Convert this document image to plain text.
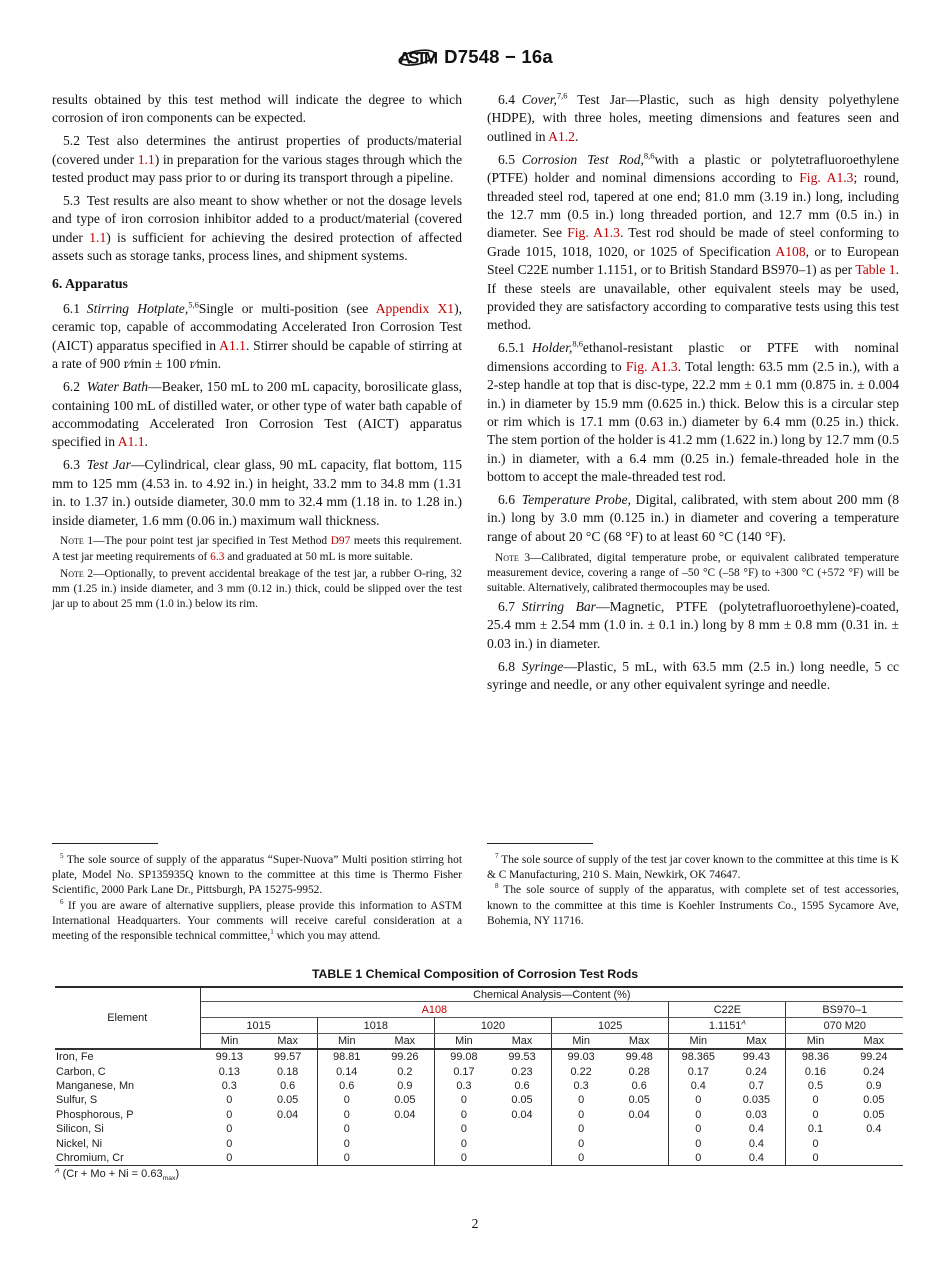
ASTM D7548 − 16a
results obtained by this test method will indicate the degree to which corrosion of iron components can be expected.
5.2 Test also determines the antirust properties of products/material (covered under 1.1) in preparation for the various stages through which the tested product may pass prior to or during its transport through a pipeline.
5.3 Test results are also meant to show whether or not the dosage levels and type of iron corrosion inhibitor added to a product/material (covered under 1.1) is sufficient for achieving the desired protection of affected assets such as storage tanks, process lines, and shipment systems.
6. Apparatus
6.1 Stirring Hotplate,$^{5,6}$Single or multi-position (see Appendix X1), ceramic top, capable of accommodating Accelerated Iron Corrosion Test (AICT) apparatus specified in A1.1. Stirrer should be capable of stirring at a rate of 900 r⁄min ± 100 r⁄min.
6.2 Water Bath—Beaker, 150 mL to 200 mL capacity, borosilicate glass, containing 100 mL of distilled water, or other type of water bath capable of accommodating Accelerated Iron Corrosion Test (AICT) apparatus specified in A1.1.
6.3 Test Jar—Cylindrical, clear glass, 90 mL capacity, flat bottom, 115 mm to 125 mm (4.53 in. to 4.92 in.) in height, 33.2 mm to 34.8 mm (1.31 in. to 1.37 in.) outside diameter, 30.0 mm to 32.4 mm (1.18 in. to 1.28 in.) inside diameter, 1.6 mm (0.06 in.) maximum wall thickness.
Note 1—The pour point test jar specified in Test Method D97 meets this requirement. A test jar meeting requirements of 6.3 and graduated at 50 mL is more suitable.
Note 2—Optionally, to prevent accidental breakage of the test jar, a rubber O-ring, 32 mm (1.25 in.) inside diameter, and 3 mm (0.12 in.) thick, could be slipped over the test jar up to about 25 mm (1.0 in.) below its rim.
6.4 Cover,$^{7,6}$ Test Jar—Plastic, such as high density polyethylene (HDPE), with three holes, meeting dimensions and features seen and outlined in A1.2.
6.5 Corrosion Test Rod,$^{8,6}$with a plastic or polytetrafluoroethylene (PTFE) holder and nominal dimensions according to Fig. A1.3; round, threaded steel rod, tapered at one end; 81.0 mm (3.19 in.) long, including the 12.7 mm (0.5 in.) long threaded portion, and 12.7 mm (0.5 in.) in diameter. See Fig. A1.3. Test rod should be made of steel conforming to Grade 1015, 1018, 1020, or 1025 of Specification A108, or to European Steel C22E number 1.1151, or to British Standard BS970–1) as per Table 1. If these steels are unavailable, other equivalent steels may be used, provided they are satisfactory according to comparative tests using this test method.
6.5.1 Holder,$^{8,6}$ethanol-resistant plastic or PTFE with nominal dimensions according to Fig. A1.3. Total length: 63.5 mm (2.5 in.), with a 2-step handle at top that is disc-type, 22.2 mm ± 0.1 mm (0.875 in. ± 0.004 in.) in diameter by 15.9 mm (0.625 in.) thick. Below this is a circular step or rim which is 17.1 mm (0.63 in.) diameter by 6.4 mm (0.25 in.) thick. The stem portion of the holder is 41.2 mm (1.622 in.) long by 12.7 mm (0.5 in.) in diameter, with a 6.4 mm (0.25 in.) female-threaded hole in the bottom to accept the male-threaded test rod.
6.6 Temperature Probe, Digital, calibrated, with stem about 200 mm (8 in.) long by 3.0 mm (0.125 in.) in diameter and covering a temperature range of about 20 °C (68 °F) to at least 60 °C (140 °F).
Note 3—Calibrated, digital temperature probe, or equivalent calibrated temperature measurement device, covering a range of –50 °C (–58 °F) to +300 °C (+572 °F) will be suitable. Alternatively, calibrated thermocouples may be used.
6.7 Stirring Bar—Magnetic, PTFE (polytetrafluoroethylene)-coated, 25.4 mm ± 2.54 mm (1.0 in. ± 0.1 in.) long by 8 mm ± 0.8 mm (0.31 in. ± 0.03 in.) in diameter.
6.8 Syringe—Plastic, 5 mL, with 63.5 mm (2.5 in.) long needle, 5 cc syringe and needle, or any other equivalent syringe and needle.
$^5$ The sole source of supply of the apparatus “Super-Nuova” Multi position stirring hot plate, Model No. SP135935Q known to the committee at this time is Thermo Fisher Scientific, 2000 Park Lane Dr., Pittsburgh, PA 15275-9952.
$^6$ If you are aware of alternative suppliers, please provide this information to ASTM International Headquarters. Your comments will receive careful consideration at a meeting of the responsible technical committee,$^1$ which you may attend.
$^7$ The sole source of supply of the test jar cover known to the committee at this time is K & C Manufacturing, 210 S. Main, Newkirk, OK 74647.
$^8$ The sole source of supply of the apparatus, with complete set of test accessories, known to the committee at this time is Koehler Instruments Co., 1595 Sycamore Ave, Bohemia, NY 11716.
TABLE 1 Chemical Composition of Corrosion Test Rods
Element	Chemical Analysis—Content (%)											
	A108								C22E		BS970–1	
	1015		1018		1020		1025		$1.1151^A$		070 M20	
	Min	Max	Min	Max	Min	Max	Min	Max	Min	Max	Min	Max
Iron, Fe	99.13	99.57	98.81	99.26	99.08	99.53	99.03	99.48	98.365	99.43	98.36	99.24
Carbon, C	0.13	0.18	0.14	0.2	0.17	0.23	0.22	0.28	0.17	0.24	0.16	0.24
Manganese, Mn	0.3	0.6	0.6	0.9	0.3	0.6	0.3	0.6	0.4	0.7	0.5	0.9
Sulfur, S	0	0.05	0	0.05	0	0.05	0	0.05	0	0.035	0	0.05
Phosphorous, P	0	0.04	0	0.04	0	0.04	0	0.04	0	0.03	0	0.05
Silicon, Si	0		0		0		0		0	0.4	0.1	0.4
Nickel, Ni	0		0		0		0		0	0.4	0	
Chromium, Cr	0		0		0		0		0	0.4	0	
$^A$ $(Cr + Mo + Ni = 0.63_{max})$
2
